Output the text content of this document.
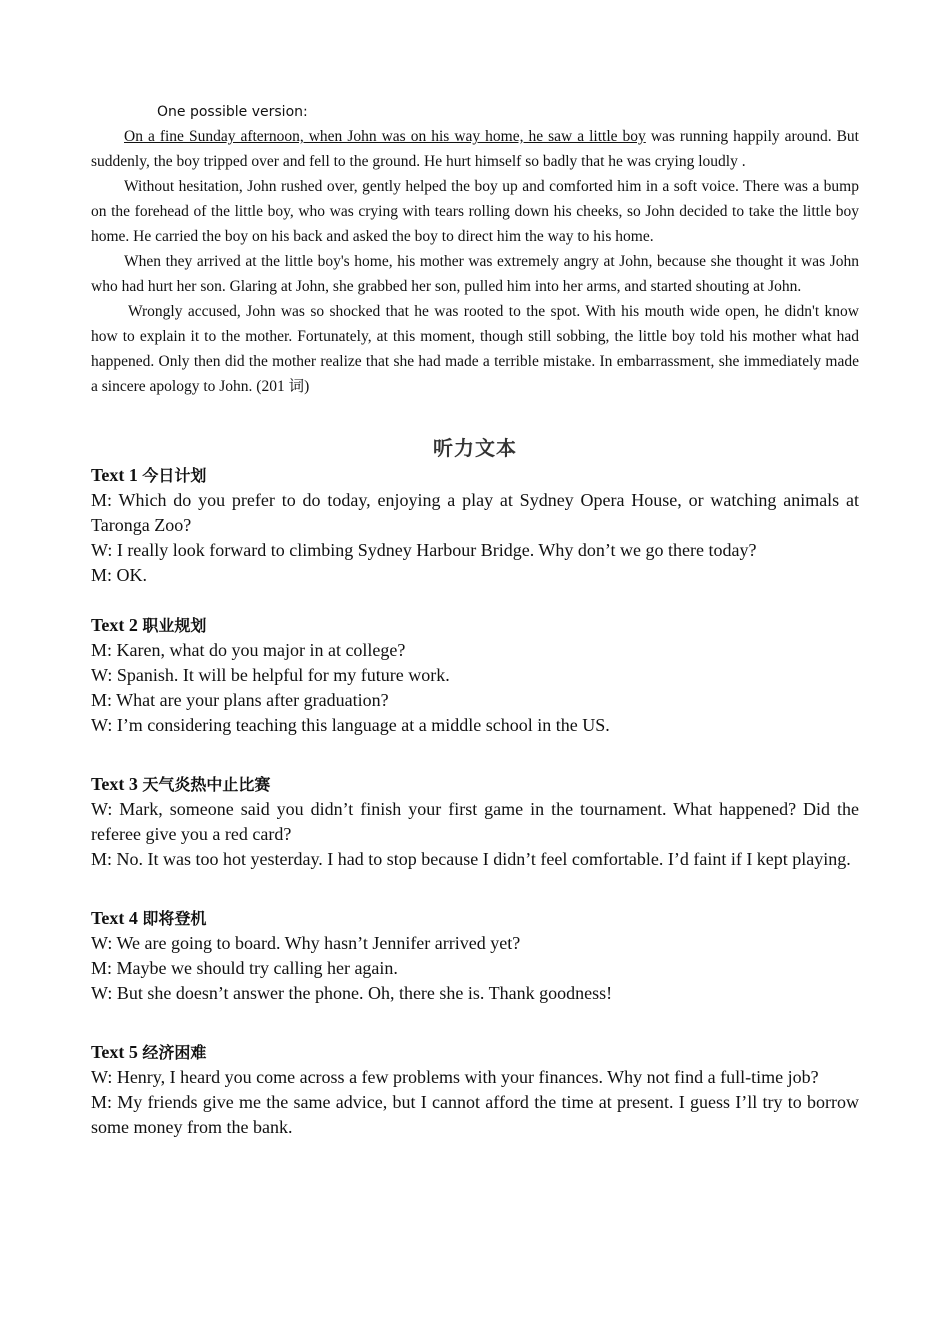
One possible version:

On a fine Sunday afternoon, when John was on his way home, he saw a little boy was running happily around. But suddenly, the boy tripped over and fell to the ground. He hurt himself so badly that he was crying loudly .

Without hesitation, John rushed over, gently helped the boy up and comforted him in a soft voice. There was a bump on the forehead of the little boy, who was crying with tears rolling down his cheeks, so John decided to take the little boy home. He carried the boy on his back and asked the boy to direct him the way to his home.

When they arrived at the little boy's home, his mother was extremely angry at John, because she thought it was John who had hurt her son. Glaring at John, she grabbed her son, pulled him into her arms, and started shouting at John.

Wrongly accused, John was so shocked that he was rooted to the spot. With his mouth wide open, he didn't know how to explain it to the mother. Fortunately, at this moment, though still sobbing, the little boy told his mother what had happened. Only then did the mother realize that she had made a terrible mistake. In embarrassment, she immediately made a sincere apology to John. (201 词)

听力文本

Text 1 今日计划

M: Which do you prefer to do today, enjoying a play at Sydney Opera House, or watching animals at Taronga Zoo?

W: I really look forward to climbing Sydney Harbour Bridge. Why don’t we go there today?

M: OK.

Text 2 职业规划

M: Karen, what do you major in at college?

W: Spanish. It will be helpful for my future work.

M: What are your plans after graduation?

W: I’m considering teaching this language at a middle school in the US.

Text 3 天气炎热中止比赛

W: Mark, someone said you didn’t finish your first game in the tournament. What happened? Did the referee give you a red card?

M: No. It was too hot yesterday. I had to stop because I didn’t feel comfortable. I’d faint if I kept playing.

Text 4 即将登机

W: We are going to board. Why hasn’t Jennifer arrived yet?

M: Maybe we should try calling her again.

W: But she doesn’t answer the phone. Oh, there she is. Thank goodness!

Text 5 经济困难

W: Henry, I heard you come across a few problems with your finances. Why not find a full-time job?

M: My friends give me the same advice, but I cannot afford the time at present. I guess I’ll try to borrow some money from the bank.
